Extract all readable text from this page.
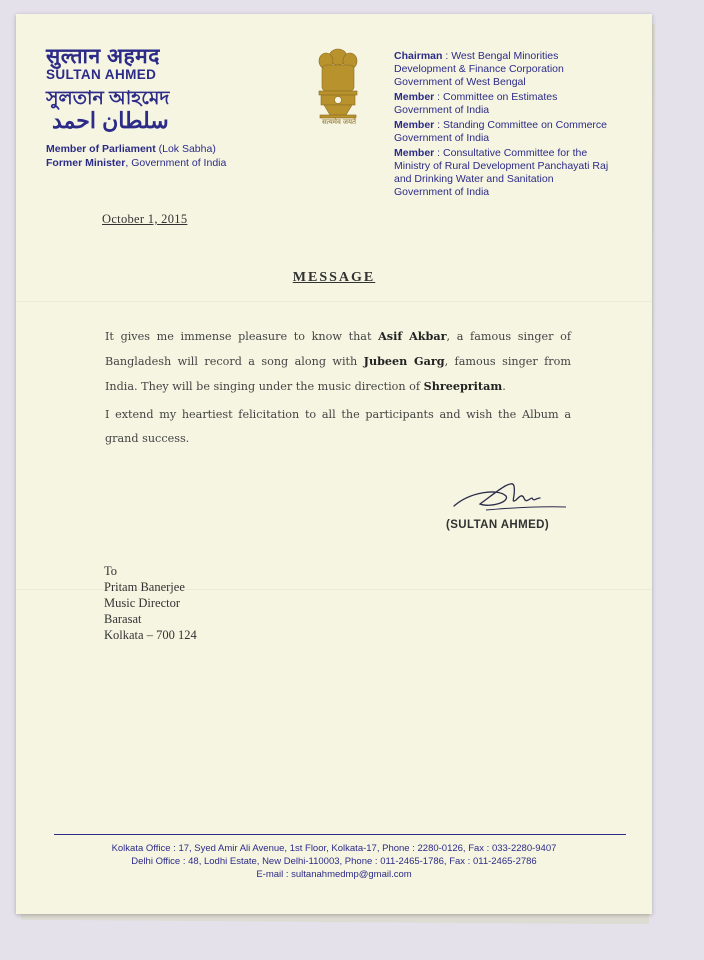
सुल्तान अहमद
SULTAN AHMED
সুলতান আহমেদ
سلطان احمد
Member of Parliament (Lok Sabha)
Former Minister, Government of India
सत्यमेव जयते
Chairman : West Bengal Minorities
Development & Finance Corporation
Government of West Bengal
Member : Committee on Estimates
Government of India
Member : Standing Committee on Commerce
Government of India
Member : Consultative Committee for the
Ministry of Rural Development Panchayati Raj
and Drinking Water and Sanitation
Government of India
October 1, 2015
MESSAGE
It gives me immense pleasure to know that Asif Akbar, a famous singer of Bangladesh will record a song along with Jubeen Garg, famous singer from India. They will be singing under the music direction of Shreepritam.
I extend my heartiest felicitation to all the participants and wish the Album a grand success.
(SULTAN AHMED)
To
Pritam Banerjee
Music Director
Barasat
Kolkata – 700 124
Kolkata Office : 17, Syed Amir Ali Avenue, 1st Floor, Kolkata-17, Phone : 2280-0126, Fax : 033-2280-9407
Delhi Office : 48, Lodhi Estate, New Delhi-110003, Phone : 011-2465-1786, Fax : 011-2465-2786
E-mail : sultanahmedmp@gmail.com
